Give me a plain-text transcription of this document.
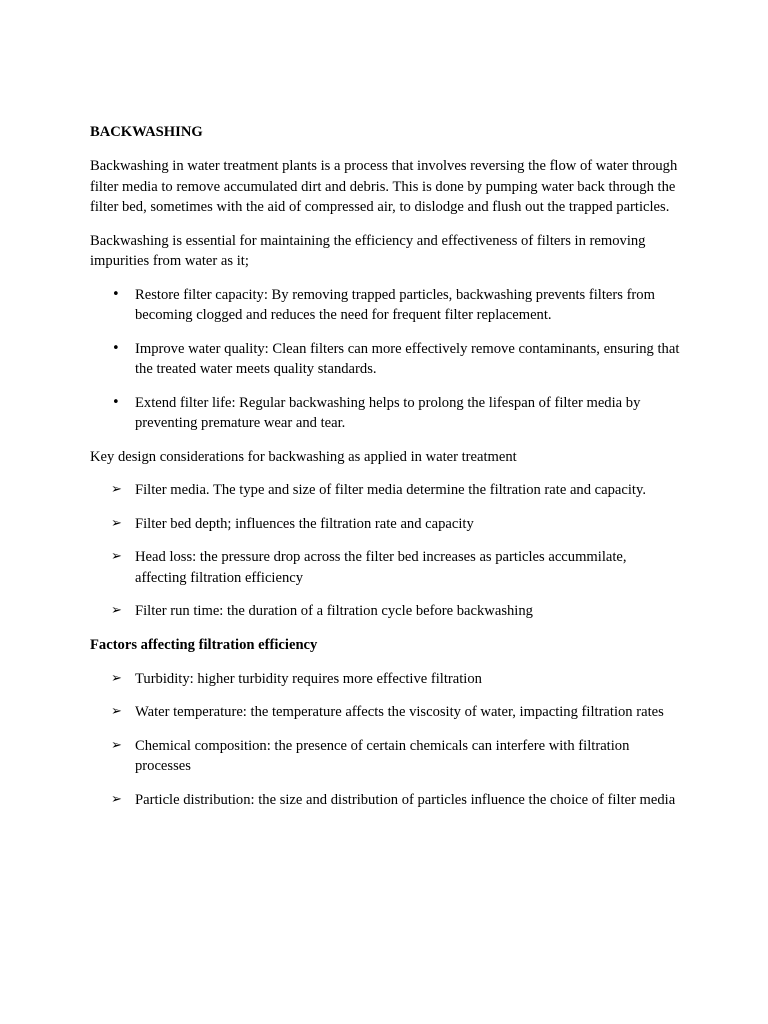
BACKWASHING

Backwashing in water treatment plants is a process that involves reversing the flow of water through filter media to remove accumulated dirt and debris. This is done by pumping water back through the filter bed, sometimes with the aid of compressed air, to dislodge and flush out the trapped particles.

Backwashing is essential for maintaining the efficiency and effectiveness of filters in removing impurities from water as it;

•	Restore filter capacity: By removing trapped particles, backwashing prevents filters from becoming clogged and reduces the need for frequent filter replacement.
•	Improve water quality: Clean filters can more effectively remove contaminants, ensuring that the treated water meets quality standards.
•	Extend filter life: Regular backwashing helps to prolong the lifespan of filter media by preventing premature wear and tear.

Key design considerations for backwashing as applied in water treatment

➢ Filter media. The type and size of filter media determine the filtration rate and capacity.
➢ Filter bed depth; influences the filtration rate and capacity
➢ Head loss: the pressure drop across the filter bed increases as particles accummilate, affecting filtration efficiency
➢ Filter run time: the duration of a filtration cycle before backwashing
Factors affecting filtration efficiency
➢ Turbidity: higher turbidity requires more effective filtration
➢ Water temperature: the temperature affects the viscosity of water, impacting filtration rates
➢ Chemical composition: the presence of certain chemicals can interfere with filtration processes
➢ Particle distribution: the size and distribution of particles influence the choice of filter media
